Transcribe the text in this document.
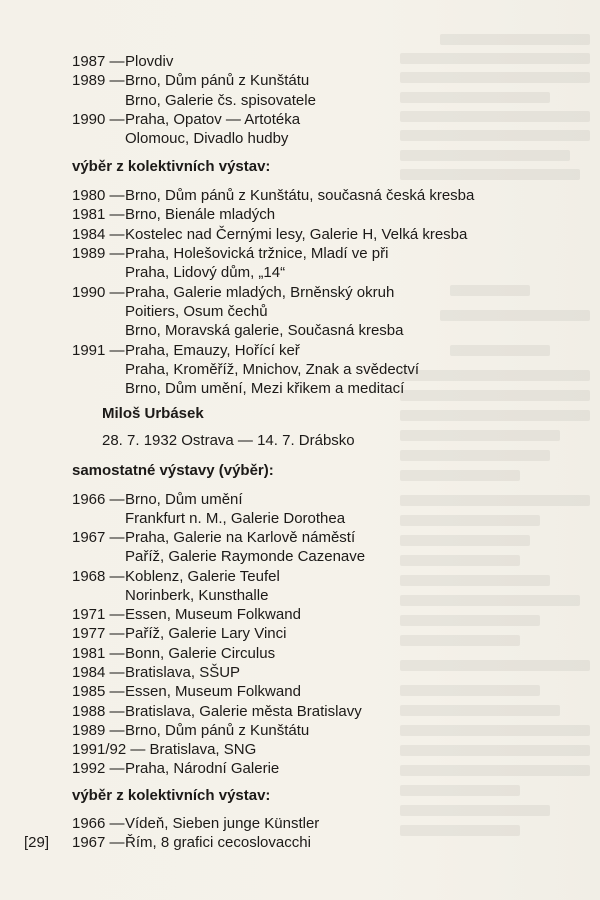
1987 — Plovdiv
1989 — Brno, Dům pánů z Kunštátu
Brno, Galerie čs. spisovatele
1990 — Praha, Opatov — Artotéka
Olomouc, Divadlo hudby
výběr z kolektivních výstav:
1980 — Brno, Dům pánů z Kunštátu, současná česká kresba
1981 — Brno, Bienále mladých
1984 — Kostelec nad Černými lesy, Galerie H, Velká kresba
1989 — Praha, Holešovická tržnice, Mladí ve při
Praha, Lidový dům, „14“
1990 — Praha, Galerie mladých, Brněnský okruh
Poitiers, Osum čechů
Brno, Moravská galerie, Současná kresba
1991 — Praha, Emauzy, Hořící keř
Praha, Kroměříž, Mnichov, Znak a svědectví
Brno, Dům umění, Mezi křikem a meditací
Miloš Urbásek
28. 7. 1932 Ostrava — 14. 7. Drábsko
samostatné výstavy (výběr):
1966 — Brno, Dům umění
Frankfurt n. M., Galerie Dorothea
1967 — Praha, Galerie na Karlově náměstí
Paříž, Galerie Raymonde Cazenave
1968 — Koblenz, Galerie Teufel
Norinberk, Kunsthalle
1971 — Essen, Museum Folkwand
1977 — Paříž, Galerie Lary Vinci
1981 — Bonn, Galerie Circulus
1984 — Bratislava, SŠUP
1985 — Essen, Museum Folkwand
1988 — Bratislava, Galerie města Bratislavy
1989 — Brno, Dům pánů z Kunštátu
1991/92 — Bratislava, SNG
1992 — Praha, Národní Galerie
výběr z kolektivních výstav:
1966 — Vídeň, Sieben junge Künstler
1967 — Řím, 8 grafici cecoslovacchi
[29]
